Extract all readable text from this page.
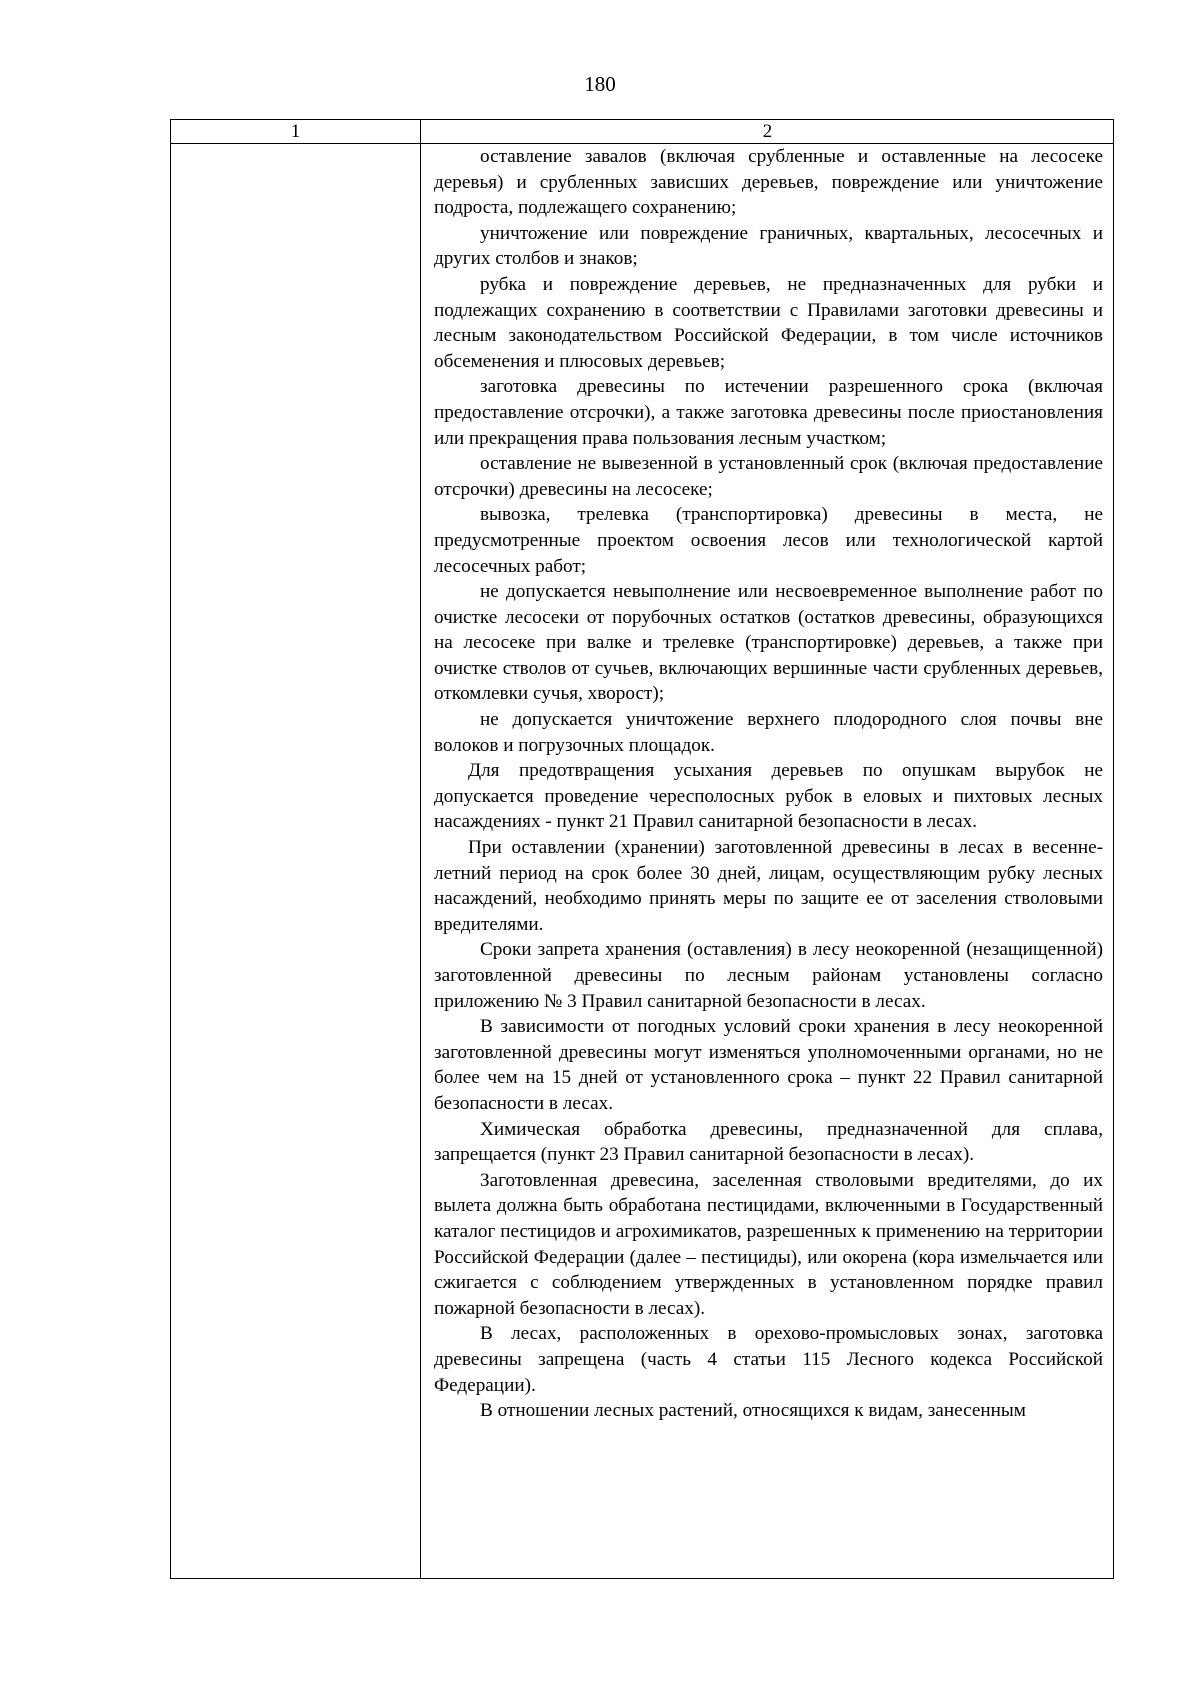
180
1	2

оставление завалов (включая срубленные и оставленные на лесосеке деревья) и срубленных зависших деревьев, повреждение или уничтожение подроста, подлежащего сохранению;

уничтожение или повреждение граничных, квартальных, лесосечных и других столбов и знаков;

рубка и повреждение деревьев, не предназначенных для рубки и подлежащих сохранению в соответствии с Правилами заготовки древесины и лесным законодательством Российской Федерации, в том числе источников обсеменения и плюсовых деревьев;

заготовка древесины по истечении разрешенного срока (включая предоставление отсрочки), а также заготовка древесины после приостановления или прекращения права пользования лесным участком;

оставление не вывезенной в установленный срок (включая предоставление отсрочки) древесины на лесосеке;

вывозка, трелевка (транспортировка) древесины в места, не предусмотренные проектом освоения лесов или технологической картой лесосечных работ;

не допускается невыполнение или несвоевременное выполнение работ по очистке лесосеки от порубочных остатков (остатков древесины, образующихся на лесосеке при валке и трелевке (транспортировке) деревьев, а также при очистке стволов от сучьев, включающих вершинные части срубленных деревьев, откомлевки сучья, хворост);

не допускается уничтожение верхнего плодородного слоя почвы вне волоков и погрузочных площадок.

Для предотвращения усыхания деревьев по опушкам вырубок не допускается проведение чересполосных рубок в еловых и пихтовых лесных насаждениях - пункт 21 Правил санитарной безопасности в лесах.

При оставлении (хранении) заготовленной древесины в лесах в весенне-летний период на срок более 30 дней, лицам, осуществляющим рубку лесных насаждений, необходимо принять меры по защите ее от заселения стволовыми вредителями.

Сроки запрета хранения (оставления) в лесу неокоренной (незащищенной) заготовленной древесины по лесным районам установлены согласно приложению № 3 Правил санитарной безопасности в лесах.

В зависимости от погодных условий сроки хранения в лесу неокоренной заготовленной древесины могут изменяться уполномоченными органами, но не более чем на 15 дней от установленного срока – пункт 22 Правил санитарной безопасности в лесах.

Химическая обработка древесины, предназначенной для сплава, запрещается (пункт 23 Правил санитарной безопасности в лесах).

Заготовленная древесина, заселенная стволовыми вредителями, до их вылета должна быть обработана пестицидами, включенными в Государственный каталог пестицидов и агрохимикатов, разрешенных к применению на территории Российской Федерации (далее – пестициды), или окорена (кора измельчается или сжигается с соблюдением утвержденных в установленном порядке правил пожарной безопасности в лесах).

В лесах, расположенных в орехово-промысловых зонах, заготовка древесины запрещена (часть 4 статьи 115 Лесного кодекса Российской Федерации).

В отношении лесных растений, относящихся к видам, занесенным
